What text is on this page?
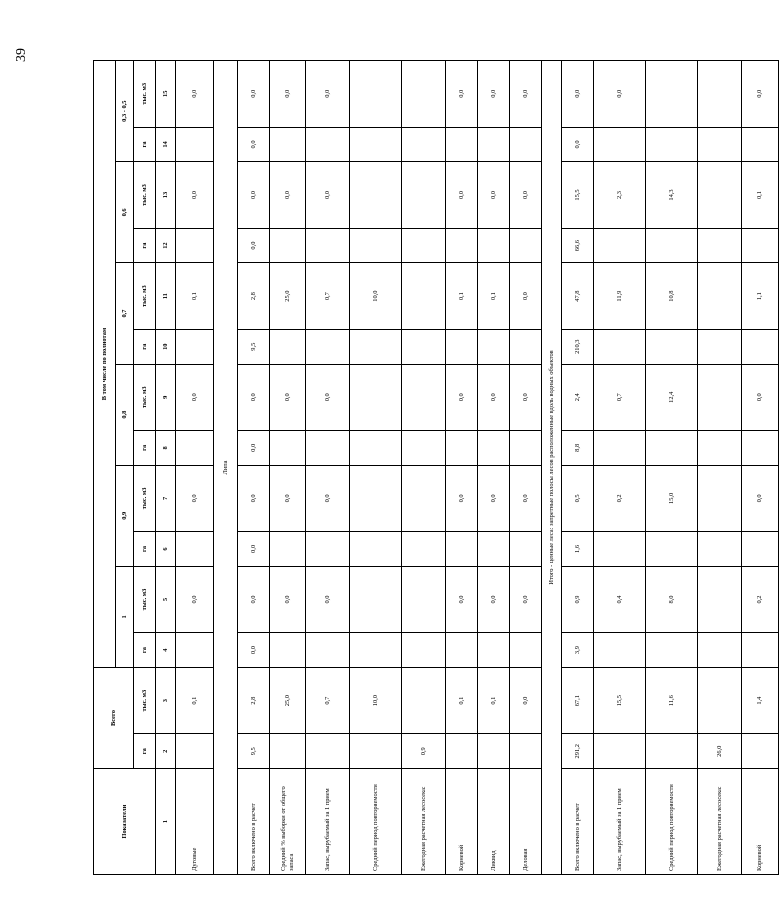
39
Показатели	Всего		В том числе по полнотам											
			1		0,9		0,8		0,7		0,6		0,3 - 0,5	
	га	тыс. м3	га	тыс. м3	га	тыс. м3	га	тыс. м3	га	тыс. м3	га	тыс. м3	га	тыс. м3
1	2	3	4	5	6	7	8	9	10	11	12	13	14	15
Дуговые		0,1		0,0		0,0		0,0		0,1		0,0		0,0
Липа														
Всего включено в расчет	9,5	2,8	0,0	0,0	0,0	0,0	0,0	0,0	9,5	2,8	0,0	0,0	0,0	0,0
Средний % выборки от общего запаса		25,0		0,0		0,0		0,0		25,0		0,0		0,0
Запас, вырубаемый за 1 прием		0,7		0,0		0,0		0,0		0,7		0,0		0,0
Средний период повторяемости		10,0								10,0				
Ежегодная расчетная лесосека:	0,9													
Корневой		0,1		0,0		0,0		0,0		0,1		0,0		0,0
Ликвид		0,1		0,0		0,0		0,0		0,1		0,0		0,0
Деловая		0,0		0,0		0,0		0,0		0,0		0,0		0,0
Итого - ценные леса: запретные полосы лесов расположенные вдоль водных объектов														
Всего включено в расчет	291,2	67,1	3,9	0,9	1,6	0,5	8,8	2,4	210,3	47,8	66,6	15,5	0,0	0,0
Запас, вырубаемый за 1 прием		15,5		0,4		0,2		0,7		11,9		2,3		0,0
Средний период повторяемости		11,6		8,0		15,0		12,4		10,8		14,3		
Ежегодная расчетная лесосека:	26,0													
Корневой		1,4		0,2		0,0		0,0		1,1		0,1		0,0
